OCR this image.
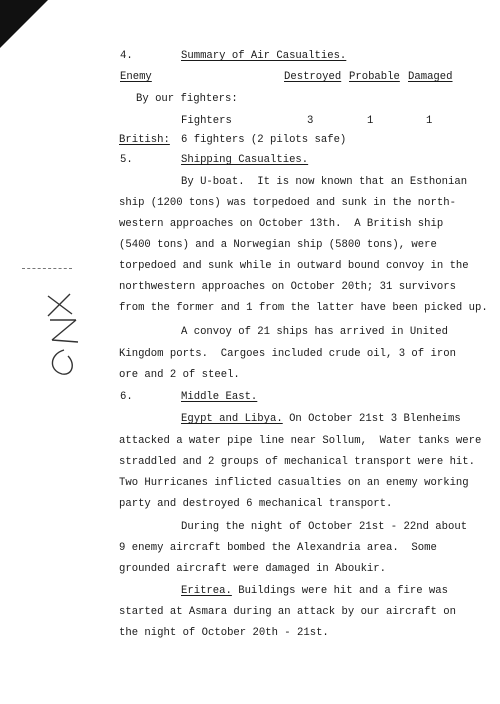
4.	Summary of Air Casualties.
Enemy	Destroyed Probable Damaged
By our fighters:
Fighters	3	1	1
British: 6 fighters (2 pilots safe)
5.	Shipping Casualties.
By U-boat.  It is now known that an Esthonian
ship (1200 tons) was torpedoed and sunk in the north-
western approaches on October 13th.  A British ship
(5400 tons) and a Norwegian ship (5800 tons), were
torpedoed and sunk while in outward bound convoy in the
northwestern approaches on October 20th; 31 survivors
from the former and 1 from the latter have been picked up.
A convoy of 21 ships has arrived in United
Kingdom ports.  Cargoes included crude oil, 3 of iron
ore and 2 of steel.
6.	Middle East.
Egypt and Libya. On October 21st 3 Blenheims
attacked a water pipe line near Sollum,  Water tanks were
straddled and 2 groups of mechanical transport were hit.
Two Hurricanes inflicted casualties on an enemy working
party and destroyed 6 mechanical transport.
During the night of October 21st - 22nd about
9 enemy aircraft bombed the Alexandria area.  Some
grounded aircraft were damaged in Aboukir.
Eritrea. Buildings were hit and a fire was
started at Asmara during an attack by our aircraft on
the night of October 20th - 21st.
